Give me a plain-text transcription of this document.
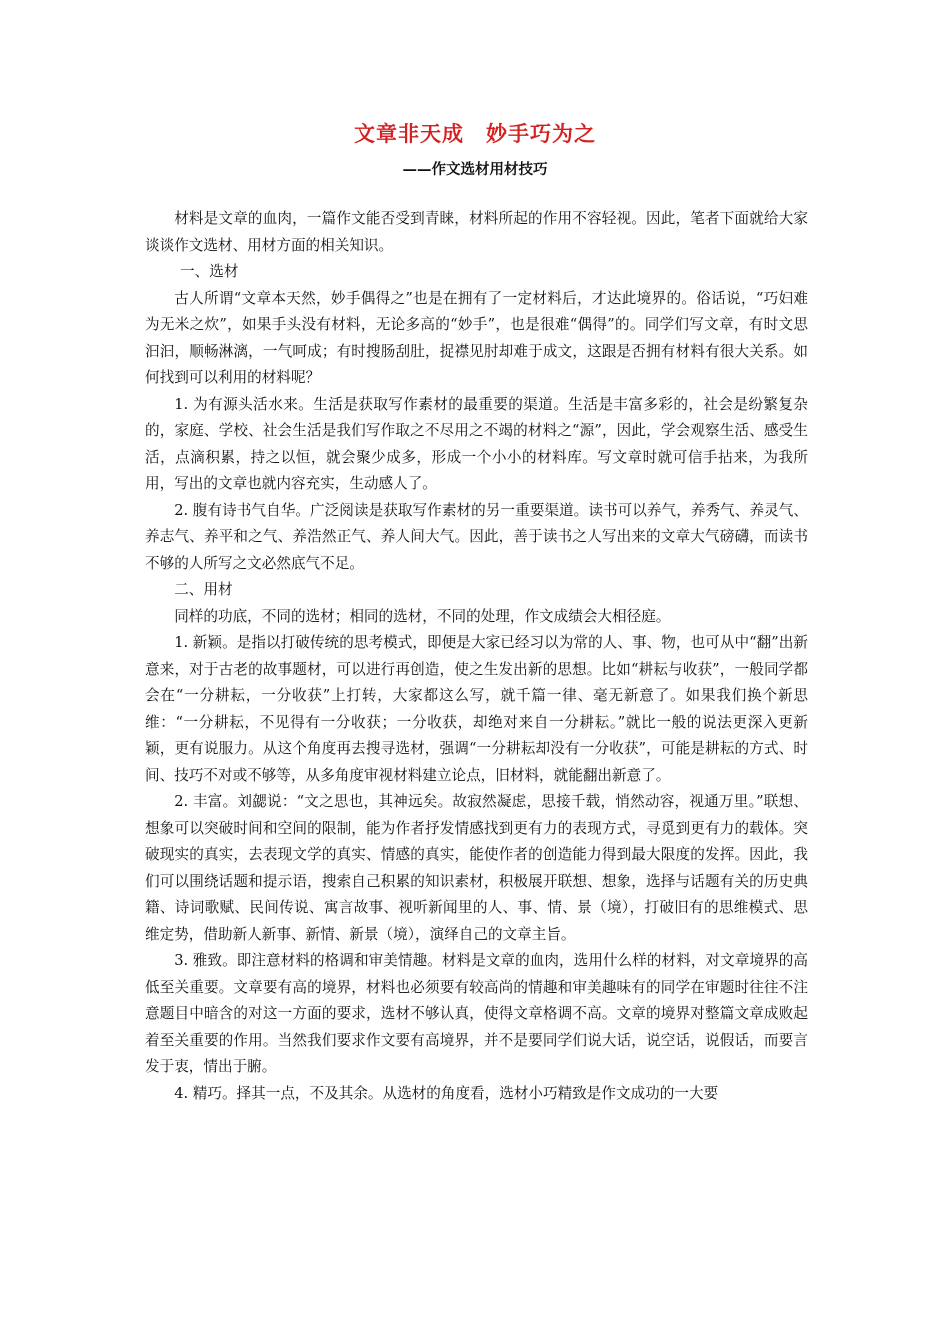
文章非天成　妙手巧为之
——作文选材用材技巧

材料是文章的血肉，一篇作文能否受到青睐，材料所起的作用不容轻视。因此，笔者下面就给大家谈谈作文选材、用材方面的相关知识。

一、选材

古人所谓“文章本天然，妙手偶得之”也是在拥有了一定材料后，才达此境界的。俗话说，“巧妇难为无米之炊”，如果手头没有材料，无论多高的“妙手”，也是很难“偶得”的。同学们写文章，有时文思汩汩，顺畅淋漓，一气呵成；有时搜肠刮肚，捉襟见肘却难于成文，这跟是否拥有材料有很大关系。如何找到可以利用的材料呢？

1. 为有源头活水来。生活是获取写作素材的最重要的渠道。生活是丰富多彩的，社会是纷繁复杂的，家庭、学校、社会生活是我们写作取之不尽用之不竭的材料之“源”，因此，学会观察生活、感受生活，点滴积累，持之以恒，就会聚少成多，形成一个小小的材料库。写文章时就可信手拈来，为我所用，写出的文章也就内容充实，生动感人了。

2. 腹有诗书气自华。广泛阅读是获取写作素材的另一重要渠道。读书可以养气，养秀气、养灵气、养志气、养平和之气、养浩然正气、养人间大气。因此，善于读书之人写出来的文章大气磅礴，而读书不够的人所写之文必然底气不足。

二、用材

同样的功底，不同的选材；相同的选材，不同的处理，作文成绩会大相径庭。

1. 新颖。是指以打破传统的思考模式，即便是大家已经习以为常的人、事、物，也可从中“翻”出新意来，对于古老的故事题材，可以进行再创造，使之生发出新的思想。比如“耕耘与收获”，一般同学都会在“一分耕耘，一分收获”上打转，大家都这么写，就千篇一律、毫无新意了。如果我们换个新思维：“一分耕耘，不见得有一分收获；一分收获，却绝对来自一分耕耘。”就比一般的说法更深入更新颖，更有说服力。从这个角度再去搜寻选材，强调“一分耕耘却没有一分收获”，可能是耕耘的方式、时间、技巧不对或不够等，从多角度审视材料建立论点，旧材料，就能翻出新意了。

2. 丰富。刘勰说：“文之思也，其神远矣。故寂然凝虑，思接千载，悄然动容，视通万里。”联想、想象可以突破时间和空间的限制，能为作者抒发情感找到更有力的表现方式，寻觅到更有力的载体。突破现实的真实，去表现文学的真实、情感的真实，能使作者的创造能力得到最大限度的发挥。因此，我们可以围绕话题和提示语，搜索自己积累的知识素材，积极展开联想、想象，选择与话题有关的历史典籍、诗词歌赋、民间传说、寓言故事、视听新闻里的人、事、情、景（境），打破旧有的思维模式、思维定势，借助新人新事、新情、新景（境），演绎自己的文章主旨。

3. 雅致。即注意材料的格调和审美情趣。材料是文章的血肉，选用什么样的材料，对文章境界的高低至关重要。文章要有高的境界，材料也必须要有较高尚的情趣和审美趣味有的同学在审题时往往不注意题目中暗含的对这一方面的要求，选材不够认真，使得文章格调不高。文章的境界对整篇文章成败起着至关重要的作用。当然我们要求作文要有高境界，并不是要同学们说大话，说空话，说假话，而要言发于衷，情出于腑。

4. 精巧。择其一点，不及其余。从选材的角度看，选材小巧精致是作文成功的一大要
